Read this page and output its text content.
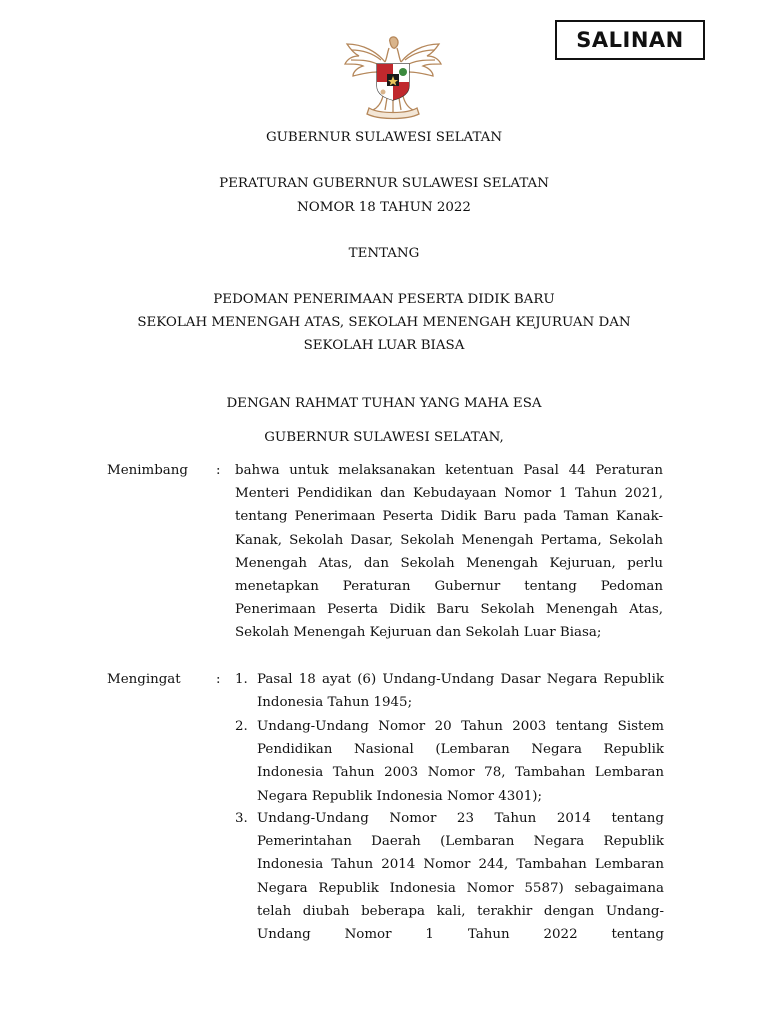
SALINAN
GUBERNUR SULAWESI SELATAN
PERATURAN GUBERNUR SULAWESI SELATAN
NOMOR 18 TAHUN 2022
TENTANG
PEDOMAN PENERIMAAN PESERTA DIDIK BARU
SEKOLAH MENENGAH ATAS, SEKOLAH MENENGAH KEJURUAN DAN
SEKOLAH LUAR BIASA
DENGAN RAHMAT TUHAN YANG MAHA ESA
GUBERNUR SULAWESI SELATAN,
Menimbang : bahwa untuk melaksanakan ketentuan Pasal 44 Peraturan Menteri Pendidikan dan Kebudayaan Nomor 1 Tahun 2021, tentang Penerimaan Peserta Didik Baru pada Taman Kanak-Kanak, Sekolah Dasar, Sekolah Menengah Pertama, Sekolah Menengah Atas, dan Sekolah Menengah Kejuruan, perlu menetapkan Peraturan Gubernur tentang Pedoman Penerimaan Peserta Didik Baru Sekolah Menengah Atas, Sekolah Menengah Kejuruan dan Sekolah Luar Biasa;

Mengingat	: 1. Pasal 18 ayat (6) Undang-Undang Dasar Negara Republik Indonesia Tahun 1945;
2. Undang-Undang Nomor 20 Tahun 2003 tentang Sistem Pendidikan Nasional (Lembaran Negara Republik Indonesia Tahun 2003 Nomor 78, Tambahan Lembaran Negara Republik Indonesia Nomor 4301);
3. Undang-Undang Nomor 23 Tahun 2014 tentang Pemerintahan Daerah (Lembaran Negara Republik Indonesia Tahun 2014 Nomor 244, Tambahan Lembaran Negara Republik Indonesia Nomor 5587) sebagaimana telah diubah beberapa kali, terakhir dengan Undang-Undang Nomor 1 Tahun 2022 tentang
